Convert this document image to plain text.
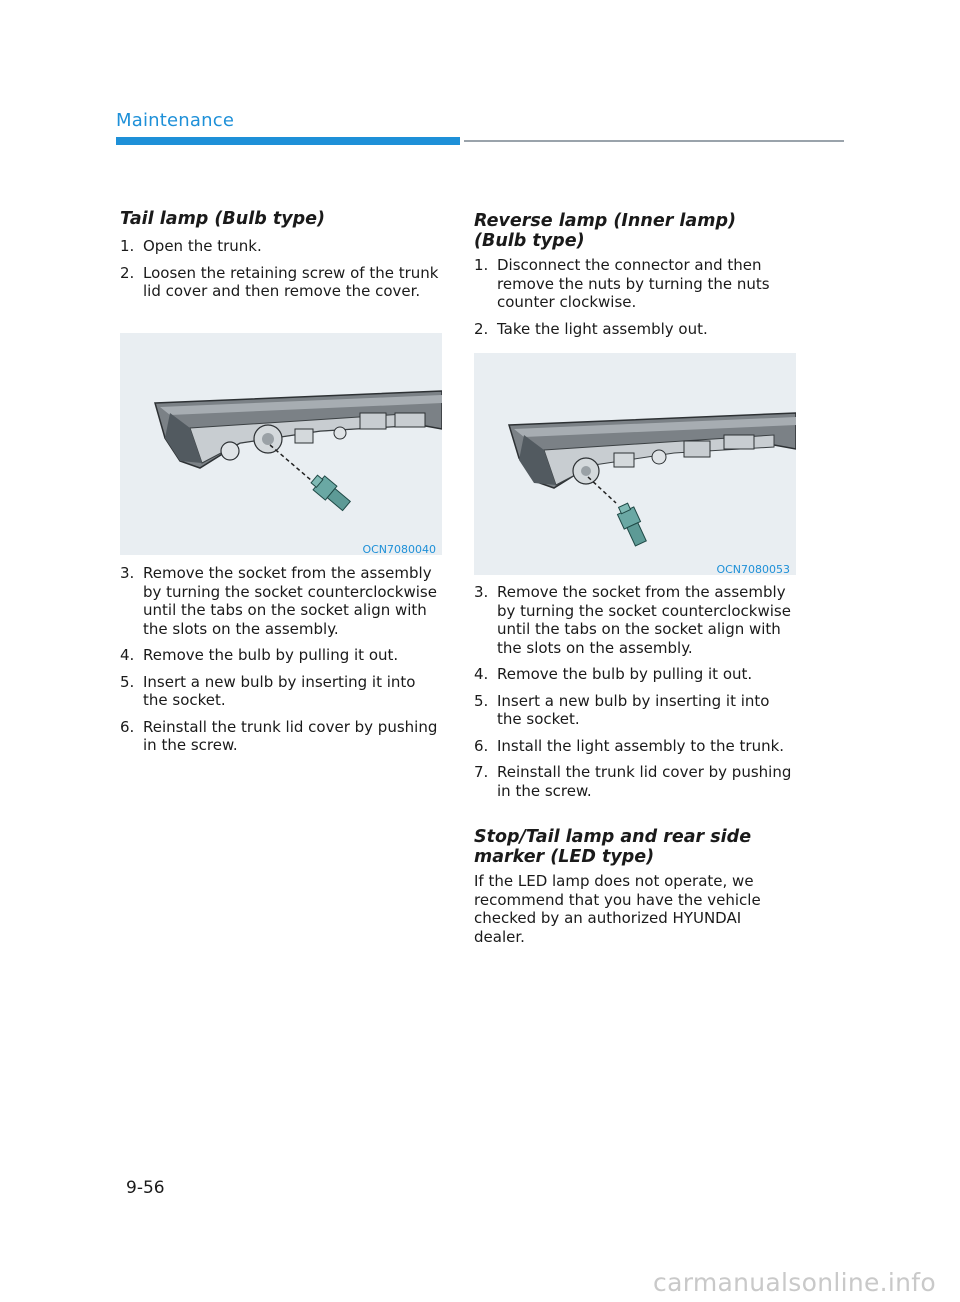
Maintenance
Tail lamp (Bulb type)
1. Open the trunk.
2. Loosen the retaining screw of the trunk lid cover and then remove the cover.
OCN7080040
3. Remove the socket from the assembly by turning the socket counterclockwise until the tabs on the socket align with the slots on the assembly.
4. Remove the bulb by pulling it out.
5. Insert a new bulb by inserting it into the socket.
6. Reinstall the trunk lid cover by pushing in the screw.
Reverse lamp (Inner lamp) (Bulb type)
1. Disconnect the connector and then remove the nuts by turning the nuts counter clockwise.
2. Take the light assembly out.
OCN7080053
3. Remove the socket from the assembly by turning the socket counterclockwise until the tabs on the socket align with the slots on the assembly.
4. Remove the bulb by pulling it out.
5. Insert a new bulb by inserting it into the socket.
6. Install the light assembly to the trunk.
7. Reinstall the trunk lid cover by pushing in the screw.
Stop/Tail lamp and rear side marker (LED type)

If the LED lamp does not operate, we recommend that you have the vehicle checked by an authorized HYUNDAI dealer.

9-56
carmanualsonline.info
